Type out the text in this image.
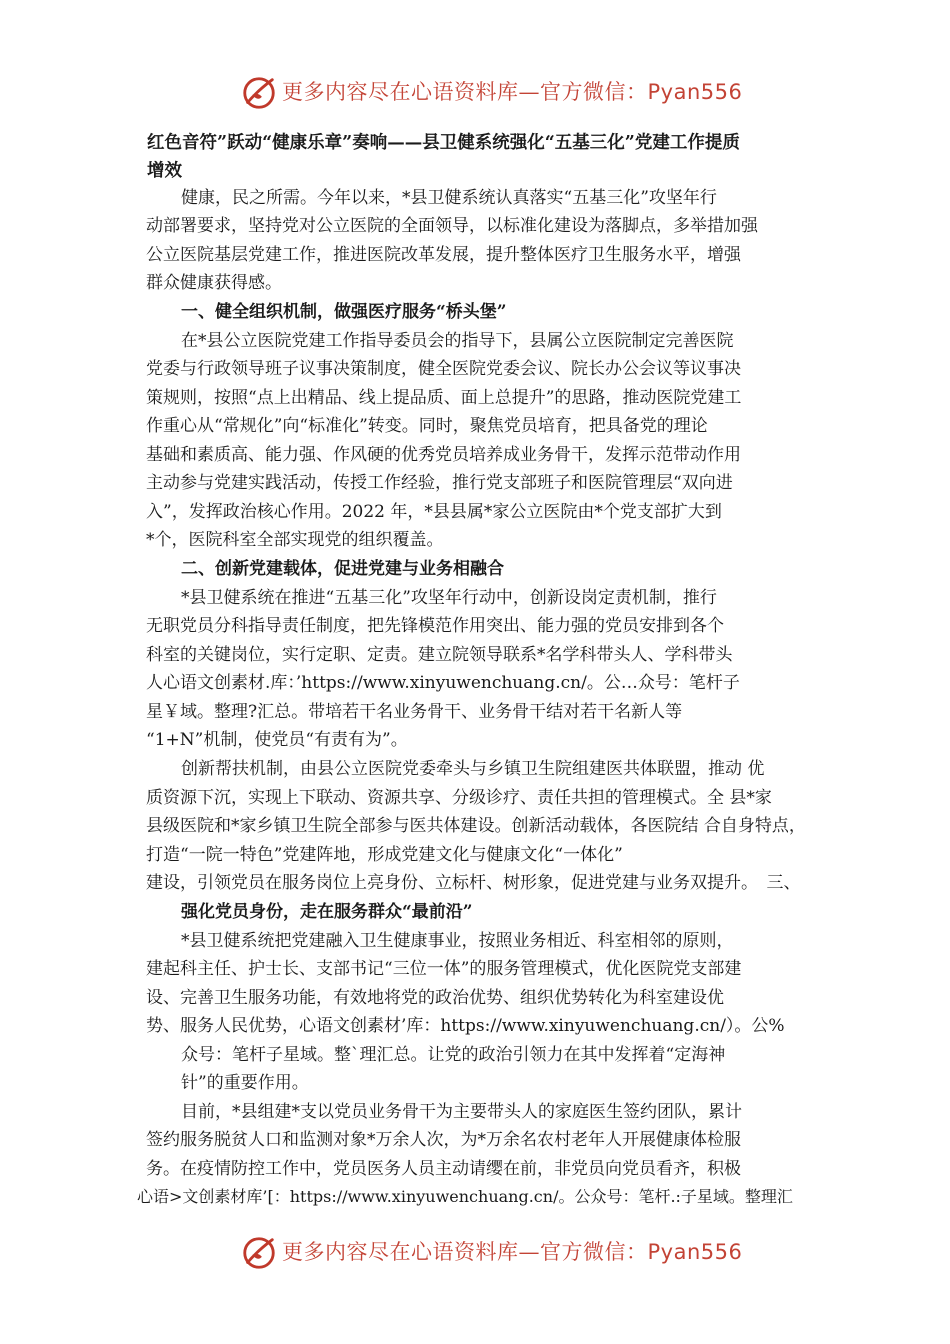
更多内容尽在心语资料库—官方微信：Pyan556
红色音符”跃动“健康乐章”奏响——县卫健系统强化“五基三化”党建工作提质
增效
健康，民之所需。今年以来，*县卫健系统认真落实“五基三化”攻坚年行
动部署要求，坚持党对公立医院的全面领导，以标准化建设为落脚点，多举措加强
公立医院基层党建工作，推进医院改革发展，提升整体医疗卫生服务水平，增强
群众健康获得感。
一、健全组织机制，做强医疗服务“桥头堡”
在*县公立医院党建工作指导委员会的指导下，县属公立医院制定完善医院
党委与行政领导班子议事决策制度，健全医院党委会议、院长办公会议等议事决
策规则，按照“点上出精品、线上提品质、面上总提升”的思路，推动医院党建工
作重心从“常规化”向“标准化”转变。同时，聚焦党员培育，把具备党的理论
基础和素质高、能力强、作风硬的优秀党员培养成业务骨干，发挥示范带动作用
主动参与党建实践活动，传授工作经验，推行党支部班子和医院管理层“双向进
入”，发挥政治核心作用。2022 年，*县县属*家公立医院由*个党支部扩大到
*个，医院科室全部实现党的组织覆盖。
二、创新党建载体，促进党建与业务相融合
*县卫健系统在推进“五基三化”攻坚年行动中，创新设岗定责机制，推行
无职党员分科指导责任制度，把先锋模范作用突出、能力强的党员安排到各个
科室的关键岗位，实行定职、定责。建立院领导联系*名学科带头人、学科带头
人心语文创素材.库：’https://www.xinyuwenchuang.cn/。公…众号：笔杆子
星￥域。整理?汇总。带培若干名业务骨干、业务骨干结对若干名新人等
“1+N”机制，使党员“有责有为”。
创新帮扶机制，由县公立医院党委牵头与乡镇卫生院组建医共体联盟，推动 优
质资源下沉，实现上下联动、资源共享、分级诊疗、责任共担的管理模式。全 县*家
县级医院和*家乡镇卫生院全部参与医共体建设。创新活动载体，各医院结 合自身特点，
打造“一院一特色”党建阵地，形成党建文化与健康文化“一体化”
建设，引领党员在服务岗位上亮身份、立标杆、树形象，促进党建与业务双提升。　三、
强化党员身份，走在服务群众“最前沿”
*县卫健系统把党建融入卫生健康事业，按照业务相近、科室相邻的原则，
建起科主任、护士长、支部书记“三位一体”的服务管理模式，优化医院党支部建
设、完善卫生服务功能，有效地将党的政治优势、组织优势转化为科室建设优
势、服务人民优势，心语文创素材’库：https://www.xinyuwenchuang.cn/）。公%
众号：笔杆子星域。整`理汇总。让党的政治引领力在其中发挥着“定海神
针”的重要作用。
目前，*县组建*支以党员业务骨干为主要带头人的家庭医生签约团队，累计
签约服务脱贫人口和监测对象*万余人次，为*万余名农村老年人开展健康体检服
务。在疫情防控工作中，党员医务人员主动请缨在前，非党员向党员看齐，积极
心语>文创素材库’[：https://www.xinyuwenchuang.cn/。公众号：笔杆.:子星域。整理汇
更多内容尽在心语资料库—官方微信：Pyan556
